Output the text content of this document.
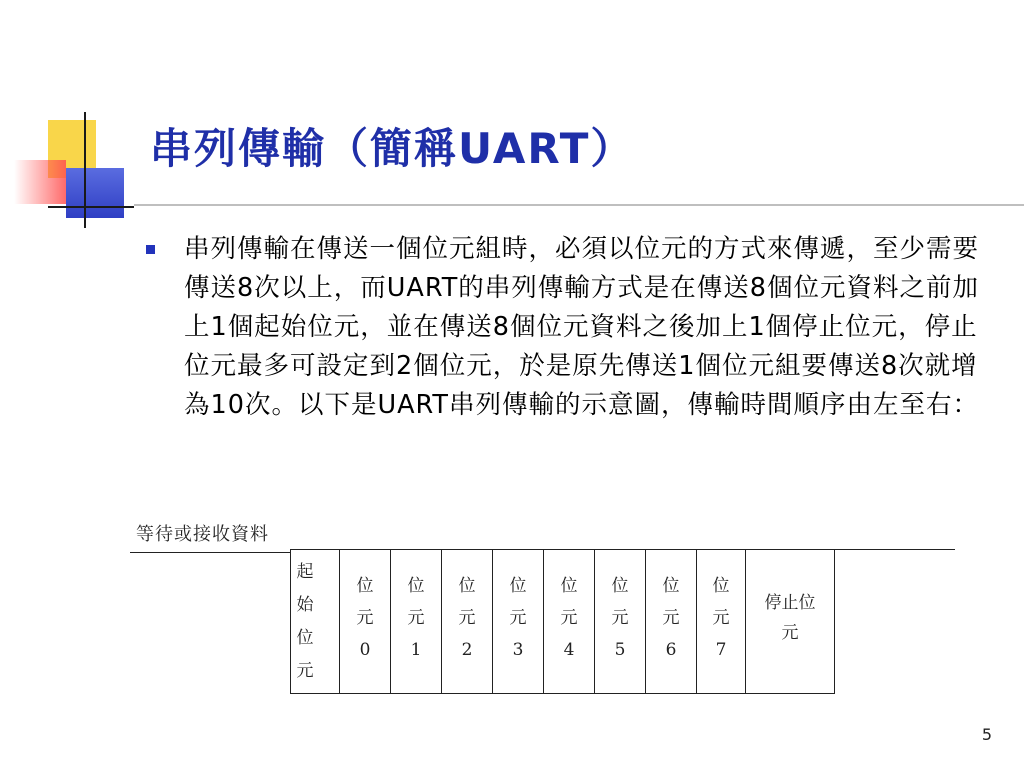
串列傳輸（簡稱UART）
串列傳輸在傳送一個位元組時，必須以位元的方式來傳遞，至少需要傳送8次以上，而UART的串列傳輸方式是在傳送8個位元資料之前加上1個起始位元，並在傳送8個位元資料之後加上1個停止位元，停止位元最多可設定到2個位元，於是原先傳送1個位元組要傳送8次就增為10次。以下是UART串列傳輸的示意圖，傳輸時間順序由左至右：
等待或接收資料
起
始
位
元
位
元
0
位
元
1
位
元
2
位
元
3
位
元
4
位
元
5
位
元
6
位
元
7
停止位
元
5
